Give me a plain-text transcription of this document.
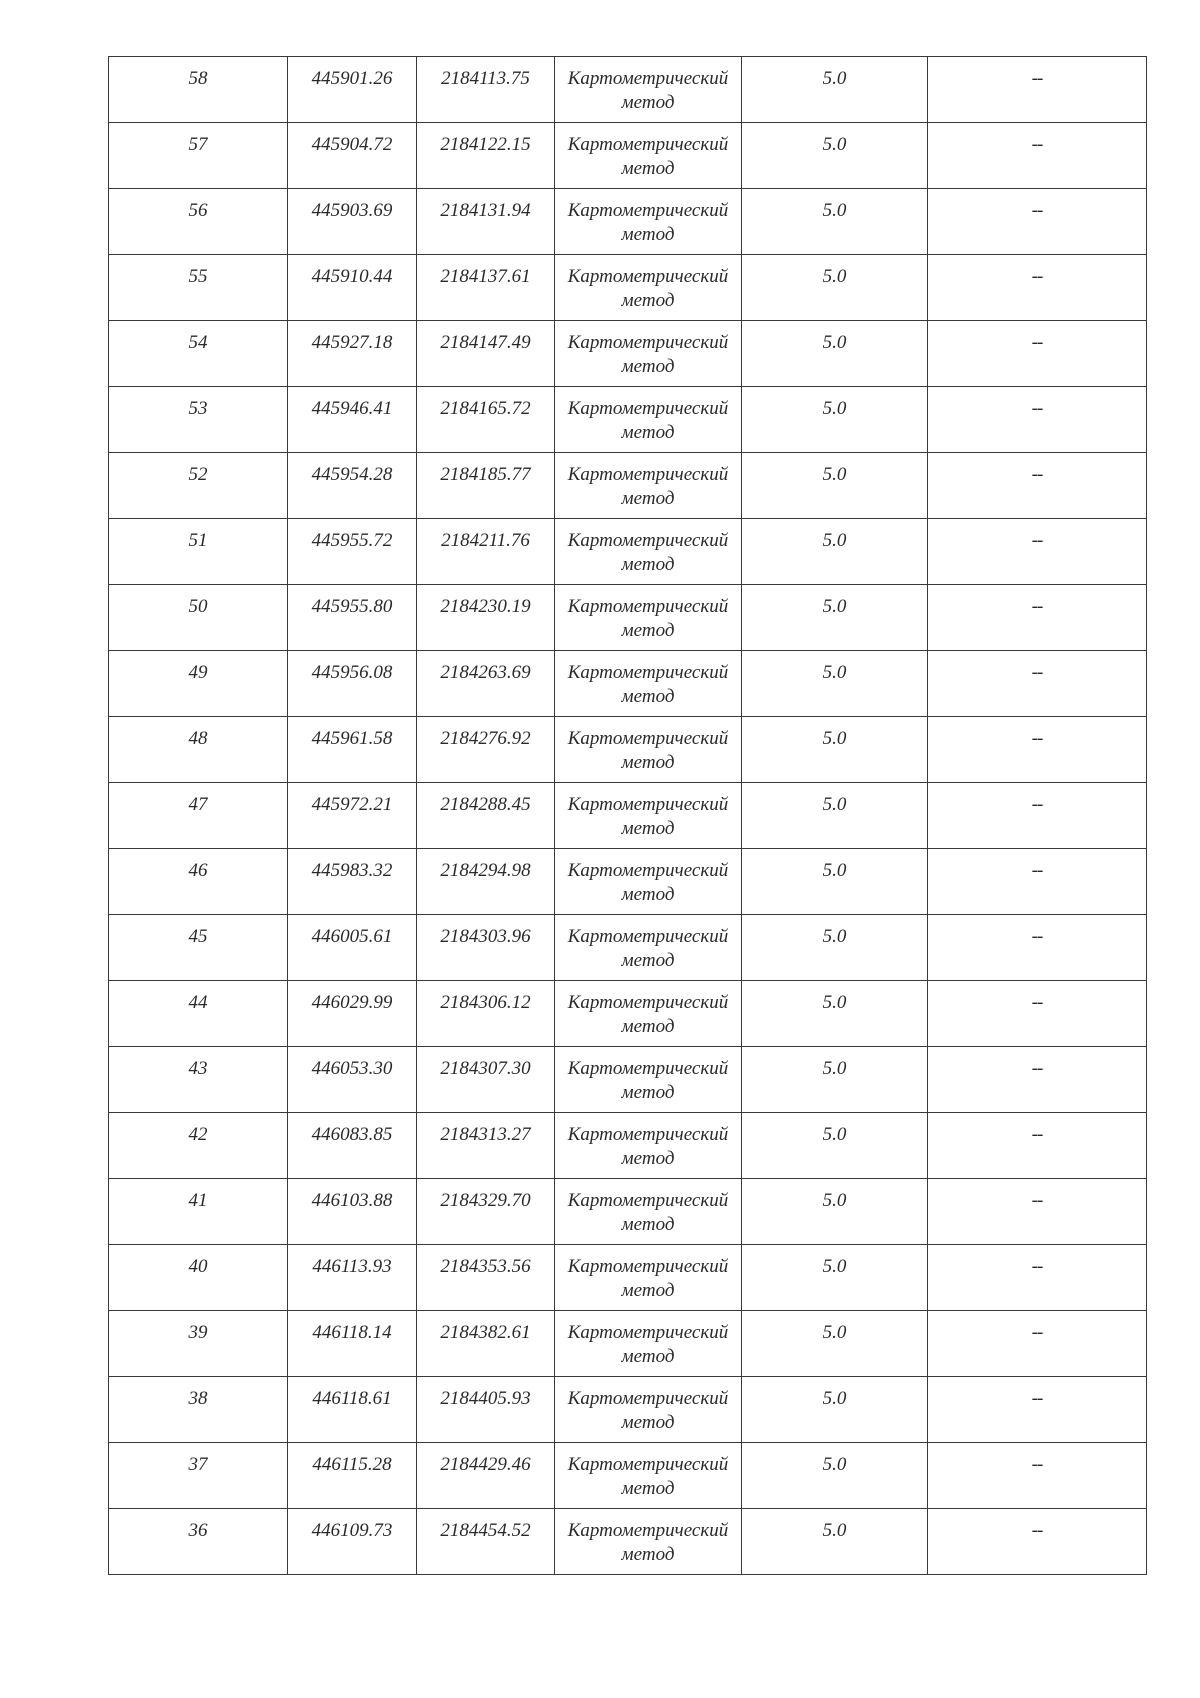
58	445901.26	2184113.75	Картометрический метод	5.0	--
57	445904.72	2184122.15	Картометрический метод	5.0	--
56	445903.69	2184131.94	Картометрический метод	5.0	--
55	445910.44	2184137.61	Картометрический метод	5.0	--
54	445927.18	2184147.49	Картометрический метод	5.0	--
53	445946.41	2184165.72	Картометрический метод	5.0	--
52	445954.28	2184185.77	Картометрический метод	5.0	--
51	445955.72	2184211.76	Картометрический метод	5.0	--
50	445955.80	2184230.19	Картометрический метод	5.0	--
49	445956.08	2184263.69	Картометрический метод	5.0	--
48	445961.58	2184276.92	Картометрический метод	5.0	--
47	445972.21	2184288.45	Картометрический метод	5.0	--
46	445983.32	2184294.98	Картометрический метод	5.0	--
45	446005.61	2184303.96	Картометрический метод	5.0	--
44	446029.99	2184306.12	Картометрический метод	5.0	--
43	446053.30	2184307.30	Картометрический метод	5.0	--
42	446083.85	2184313.27	Картометрический метод	5.0	--
41	446103.88	2184329.70	Картометрический метод	5.0	--
40	446113.93	2184353.56	Картометрический метод	5.0	--
39	446118.14	2184382.61	Картометрический метод	5.0	--
38	446118.61	2184405.93	Картометрический метод	5.0	--
37	446115.28	2184429.46	Картометрический метод	5.0	--
36	446109.73	2184454.52	Картометрический метод	5.0	--
